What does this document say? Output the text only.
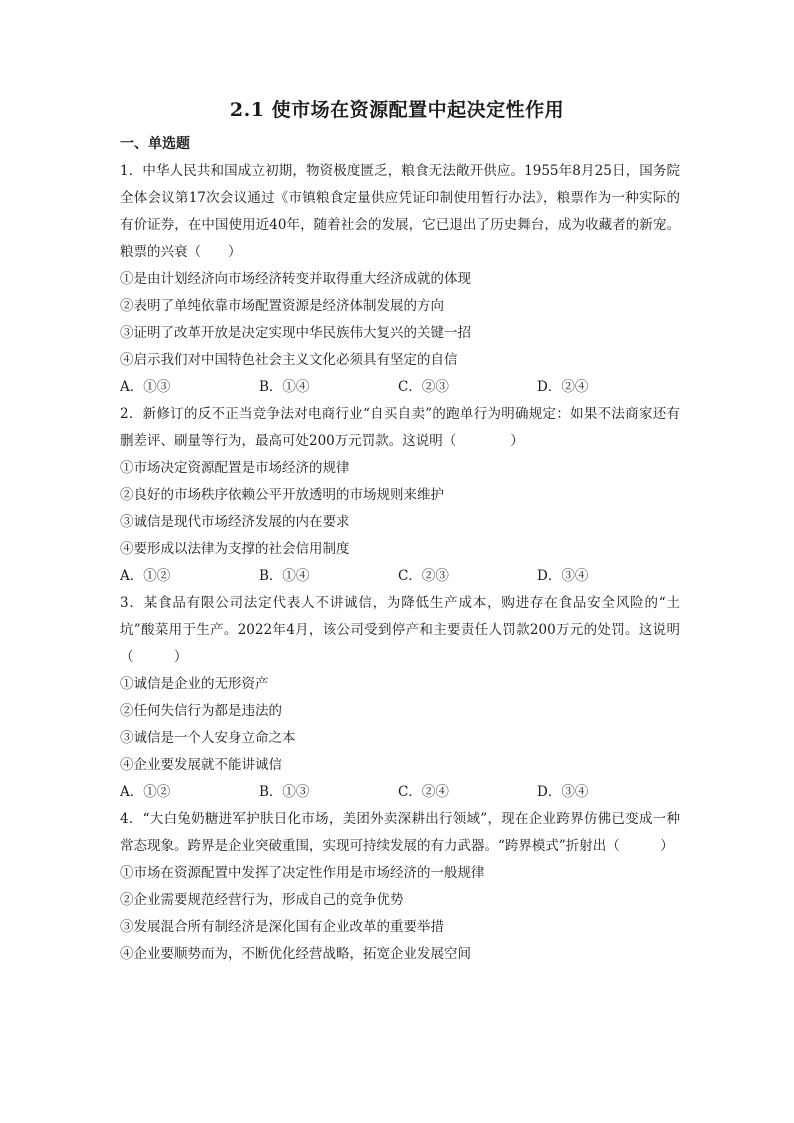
2.1 使市场在资源配置中起决定性作用
一、单选题

1．中华人民共和国成立初期，物资极度匮乏，粮食无法敞开供应。1955年8月25日，国务院全体会议第17次会议通过《市镇粮食定量供应凭证印制使用暂行办法》，粮票作为一种实际的有价证券，在中国使用近40年，随着社会的发展，它已退出了历史舞台，成为收藏者的新宠。粮票的兴衰（　　）

①是由计划经济向市场经济转变并取得重大经济成就的体现

②表明了单纯依靠市场配置资源是经济体制发展的方向

③证明了改革开放是决定实现中华民族伟大复兴的关键一招

④启示我们对中国特色社会主义文化必须具有坚定的自信

A．①③	B．①④	C．②③	D．②④

2．新修订的反不正当竞争法对电商行业“自买自卖”的跑单行为明确规定：如果不法商家还有删差评、刷量等行为，最高可处200万元罚款。这说明（　　　　）

①市场决定资源配置是市场经济的规律

②良好的市场秩序依赖公平开放透明的市场规则来维护

③诚信是现代市场经济发展的内在要求

④要形成以法律为支撑的社会信用制度

A．①②	B．①④	C．②③	D．③④

3．某食品有限公司法定代表人不讲诚信，为降低生产成本，购进存在食品安全风险的“土坑”酸菜用于生产。2022年4月，该公司受到停产和主要责任人罚款200万元的处罚。这说明（　　　）

①诚信是企业的无形资产

②任何失信行为都是违法的

③诚信是一个人安身立命之本

④企业要发展就不能讲诚信

A．①②	B．①③	C．②④	D．③④

4．“大白兔奶糖进军护肤日化市场，美团外卖深耕出行领域”，现在企业跨界仿佛已变成一种常态现象。跨界是企业突破重围，实现可持续发展的有力武器。“跨界模式”折射出（　　　）

①市场在资源配置中发挥了决定性作用是市场经济的一般规律

②企业需要规范经营行为，形成自己的竞争优势

③发展混合所有制经济是深化国有企业改革的重要举措

④企业要顺势而为，不断优化经营战略，拓宽企业发展空间
